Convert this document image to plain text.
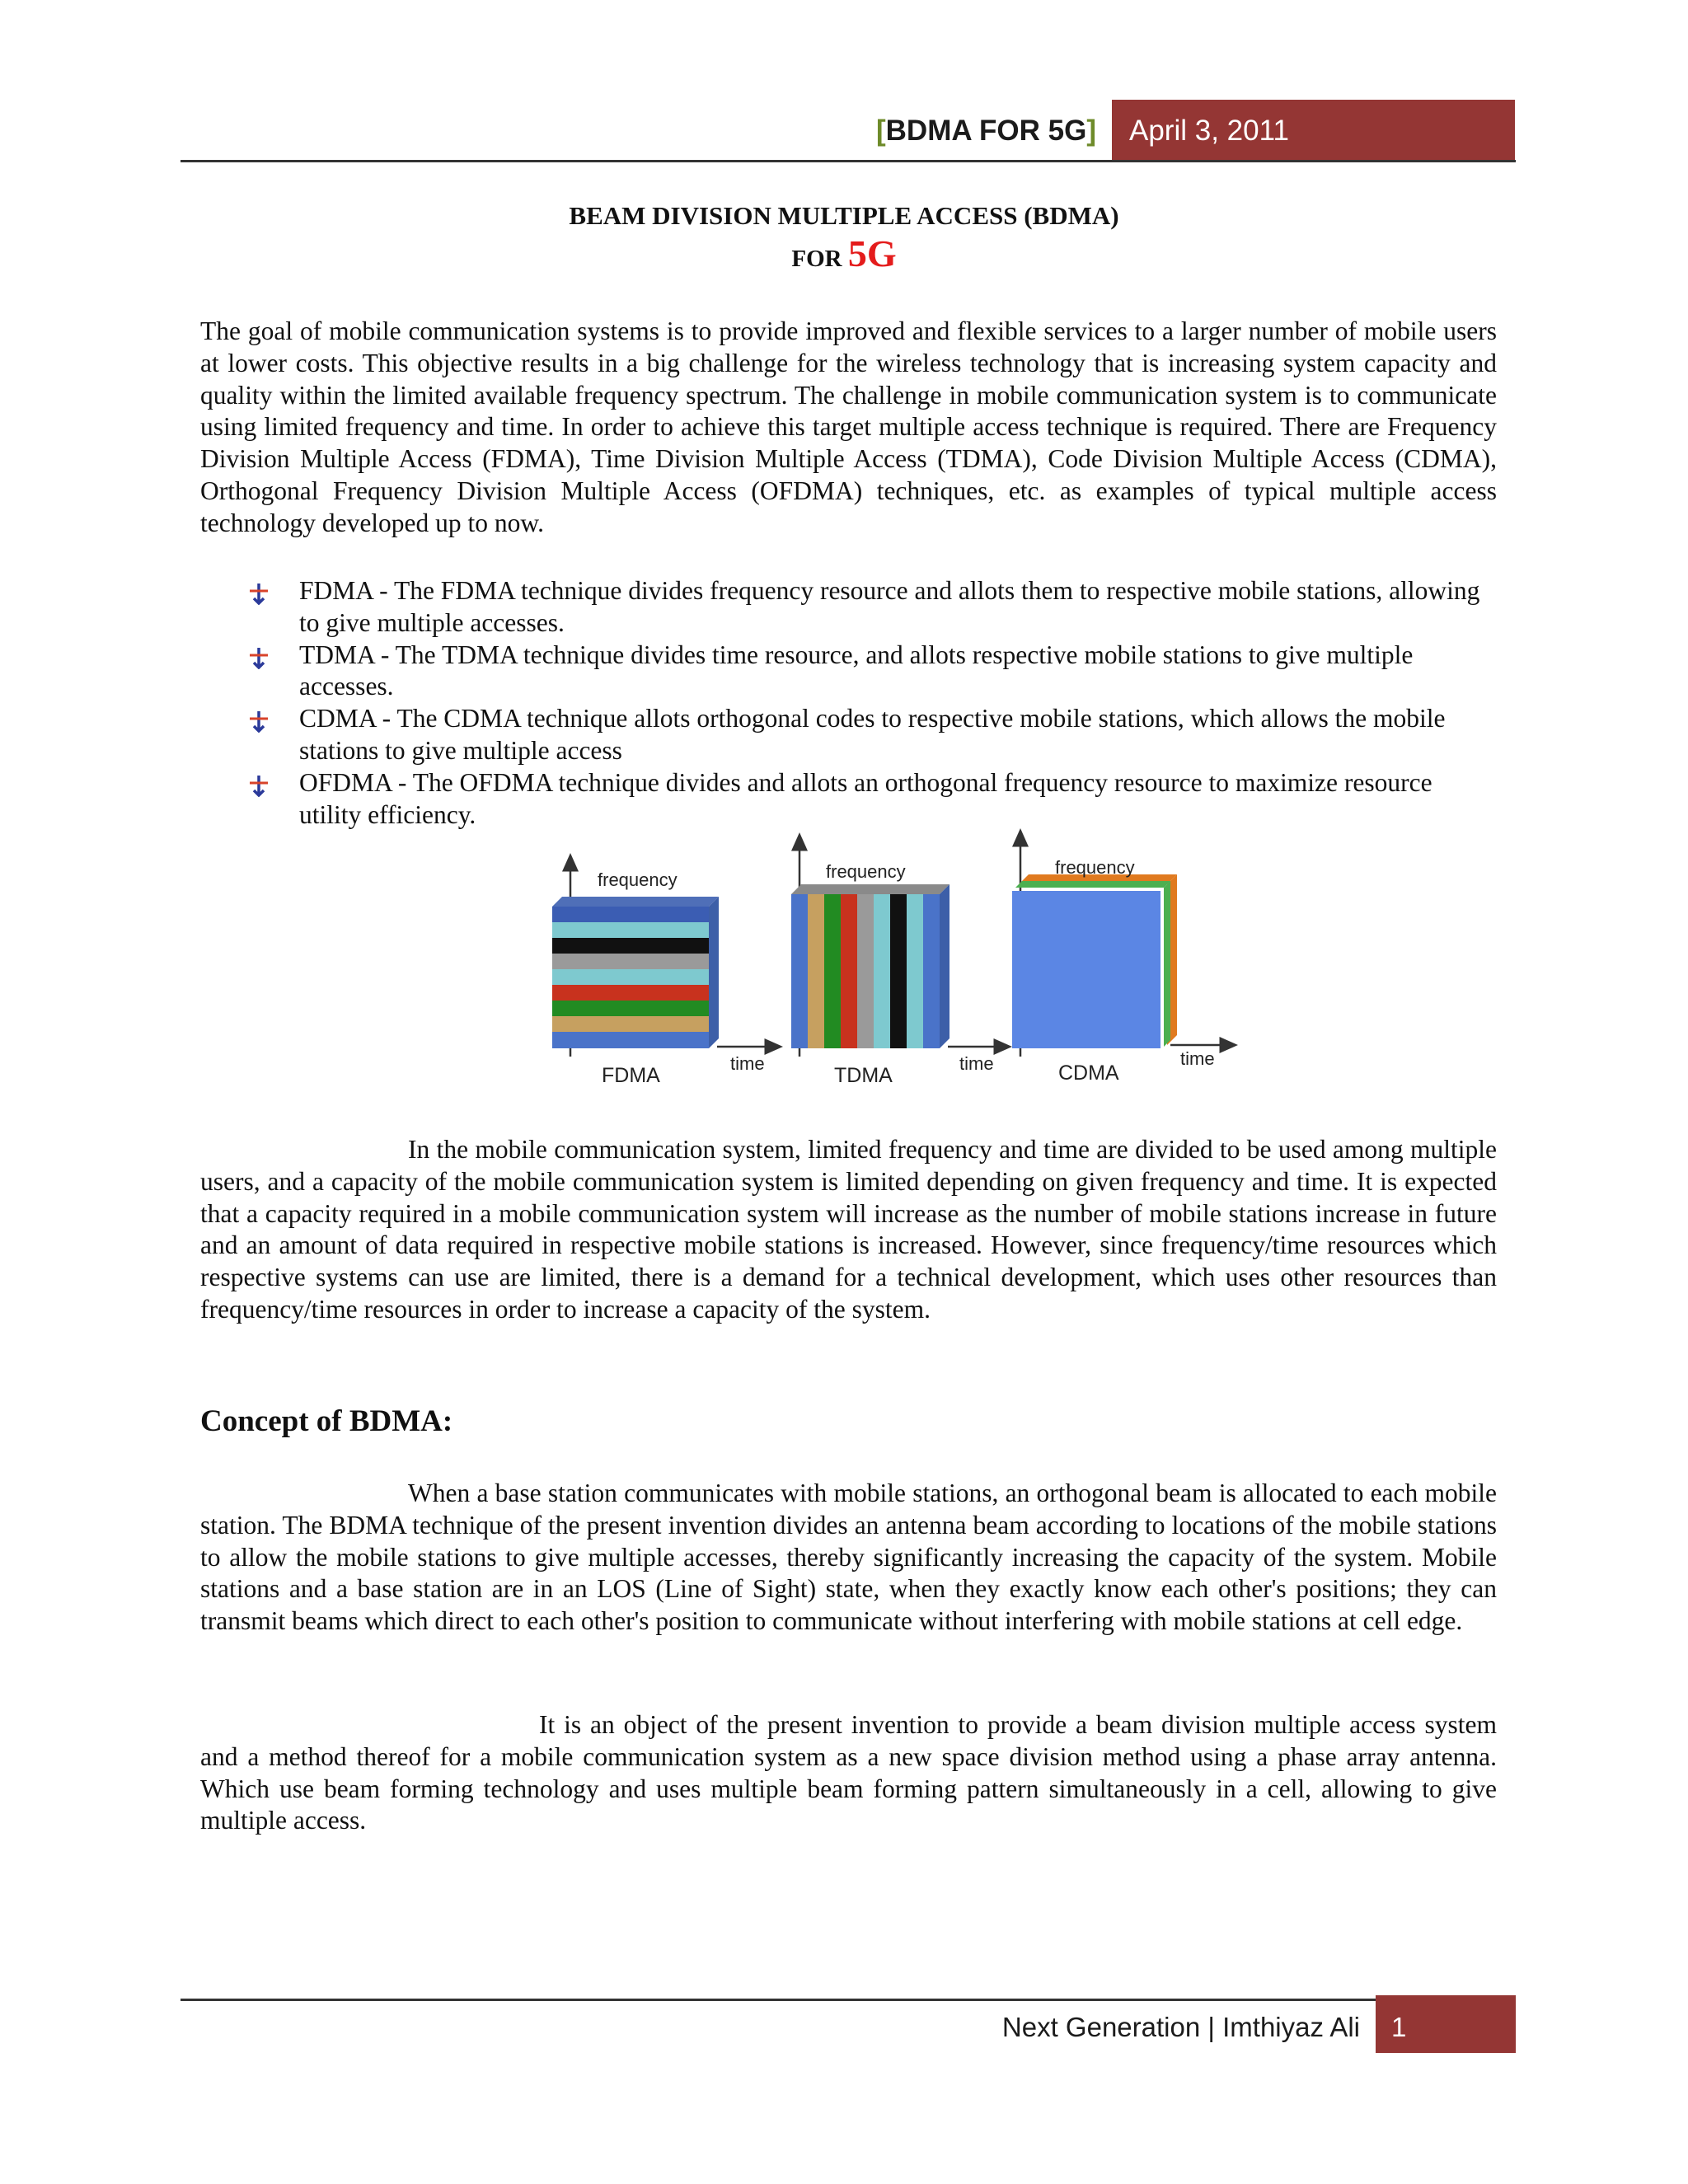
[BDMA FOR 5G] April 3, 2011
BEAM DIVISION MULTIPLE ACCESS (BDMA)
FOR 5G

The goal of mobile communication systems is to provide improved and flexible services to a larger number of mobile users at lower costs. This objective results in a big challenge for the wireless technology that is increasing system capacity and quality within the limited available frequency spectrum. The challenge in mobile communication system is to communicate using limited frequency and time. In order to achieve this target multiple access technique is required. There are Frequency Division Multiple Access (FDMA), Time Division Multiple Access (TDMA), Code Division Multiple Access (CDMA), Orthogonal Frequency Division Multiple Access (OFDMA) techniques, etc. as examples of typical multiple access technology developed up to now.

FDMA - The FDMA technique divides frequency resource and allots them to respective mobile stations, allowing to give multiple accesses.
TDMA - The TDMA technique divides time resource, and allots respective mobile stations to give multiple accesses.
CDMA - The CDMA technique allots orthogonal codes to respective mobile stations, which allows the mobile stations to give multiple access
OFDMA - The OFDMA technique divides and allots an orthogonal frequency resource to maximize resource utility efficiency.
frequency
time
FDMA
frequency
time
TDMA
frequency
time
CDMA

In the mobile communication system, limited frequency and time are divided to be used among multiple users, and a capacity of the mobile communication system is limited depending on given frequency and time. It is expected that a capacity required in a mobile communication system will increase as the number of mobile stations increase in future and an amount of data required in respective mobile stations is increased. However, since frequency/time resources which respective systems can use are limited, there is a demand for a technical development, which uses other resources than frequency/time resources in order to increase a capacity of the system.

Concept of BDMA:

When a base station communicates with mobile stations, an orthogonal beam is allocated to each mobile station. The BDMA technique of the present invention divides an antenna beam according to locations of the mobile stations to allow the mobile stations to give multiple accesses, thereby significantly increasing the capacity of the system. Mobile stations and a base station are in an LOS (Line of Sight) state, when they exactly know each other's positions; they can transmit beams which direct to each other's position to communicate without interfering with mobile stations at cell edge.

It is an object of the present invention to provide a beam division multiple access system and a method thereof for a mobile communication system as a new space division method using a phase array antenna. Which use beam forming technology and uses multiple beam forming pattern simultaneously in a cell, allowing to give multiple access.

Next Generation | Imthiyaz Ali 1
